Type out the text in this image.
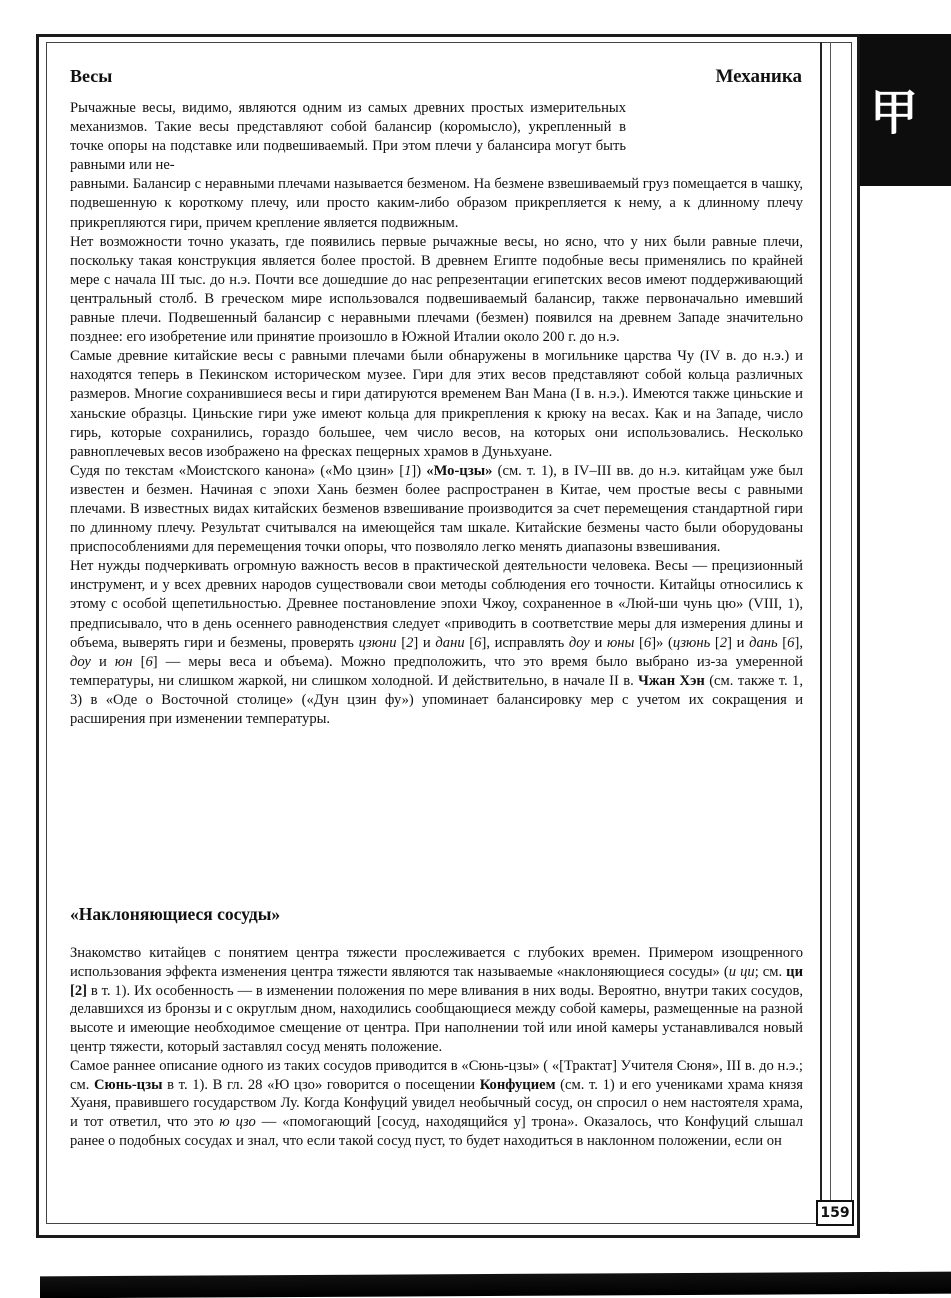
甲
Весы	Механика

Рычажные весы, видимо, являются одним из самых древних простых измерительных механизмов. Такие весы представляют собой балансир (коромысло), укрепленный в точке опоры на подставке или подвешиваемый. При этом плечи у балансира могут быть равными или не-

равными. Балансир с неравными плечами называется безменом. На безмене взвешиваемый груз помещается в чашку, подвешенную к короткому плечу, или просто каким-либо образом прикрепляется к нему, а к длинному плечу прикрепляются гири, причем крепление является подвижным.

Нет возможности точно указать, где появились первые рычажные весы, но ясно, что у них были равные плечи, поскольку такая конструкция является более простой. В древнем Египте подобные весы применялись по крайней мере с начала III тыс. до н.э. Почти все дошедшие до нас репрезентации египетских весов имеют поддерживающий центральный столб. В греческом мире использовался подвешиваемый балансир, также первоначально имевший равные плечи. Подвешенный балансир с неравными плечами (безмен) появился на древнем Западе значительно позднее: его изобретение или принятие произошло в Южной Италии около 200 г. до н.э.

Самые древние китайские весы с равными плечами были обнаружены в могильнике царства Чу (IV в. до н.э.) и находятся теперь в Пекинском историческом музее. Гири для этих весов представляют собой кольца различных размеров. Многие сохранившиеся весы и гири датируются временем Ван Мана (I в. н.э.). Имеются также циньские и ханьские образцы. Циньские гири уже имеют кольца для прикрепления к крюку на весах. Как и на Западе, число гирь, которые сохранились, гораздо большее, чем число весов, на которых они использовались. Несколько равноплечевых весов изображено на фресках пещерных храмов в Дуньхуане.

Судя по текстам «Моистского канона» («Мо цзин» [1]) «Мо-цзы» (см. т. 1), в IV–III вв. до н.э. китайцам уже был известен и безмен. Начиная с эпохи Хань безмен более распространен в Китае, чем простые весы с равными плечами. В известных видах китайских безменов взвешивание производится за счет перемещения стандартной гири по длинному плечу. Результат считывался на имеющейся там шкале. Китайские безмены часто были оборудованы приспособлениями для перемещения точки опоры, что позволяло легко менять диапазоны взвешивания.

Нет нужды подчеркивать огромную важность весов в практической деятельности человека. Весы — прецизионный инструмент, и у всех древних народов существовали свои методы соблюдения его точности. Китайцы относились к этому с особой щепетильностью. Древнее постановление эпохи Чжоу, сохраненное в «Люй-ши чунь цю» (VIII, 1), предписывало, что в день осеннего равноденствия следует «приводить в соответствие меры для измерения длины и объема, выверять гири и безмены, проверять цзюни [2] и дани [6], исправлять доу и юны [6]» (цзюнь [2] и дань [6], доу и юн [6] — меры веса и объема). Можно предположить, что это время было выбрано из-за умеренной температуры, ни слишком жаркой, ни слишком холодной. И действительно, в начале II в. Чжан Хэн (см. также т. 1, 3) в «Оде о Восточной столице» («Дун цзин фу») упоминает балансировку мер с учетом их сокращения и расширения при изменении температуры.

«Наклоняющиеся сосуды»

Знакомство китайцев с понятием центра тяжести прослеживается с глубоких времен. Примером изощренного использования эффекта изменения центра тяжести являются так называемые «наклоняющиеся сосуды» (и ци; см. ци [2] в т. 1). Их особенность — в изменении положения по мере вливания в них воды. Вероятно, внутри таких сосудов, делавшихся из бронзы и с округлым дном, находились сообщающиеся между собой камеры, размещенные на разной высоте и имеющие необходимое смещение от центра. При наполнении той или иной камеры устанавливался новый центр тяжести, который заставлял сосуд менять положение.

Самое раннее описание одного из таких сосудов приводится в «Сюнь-цзы» ( «[Трактат] Учителя Сюня», III в. до н.э.; см. Сюнь-цзы в т. 1). В гл. 28 «Ю цзо» говорится о посещении Конфуцием (см. т. 1) и его учениками храма князя Хуаня, правившего государством Лу. Когда Конфуций увидел необычный сосуд, он спросил о нем настоятеля храма, и тот ответил, что это ю цзо — «помогающий [сосуд, находящийся у] трона». Оказалось, что Конфуций слышал ранее о подобных сосудах и знал, что если такой сосуд пуст, то будет находиться в наклонном положении, если он

159
